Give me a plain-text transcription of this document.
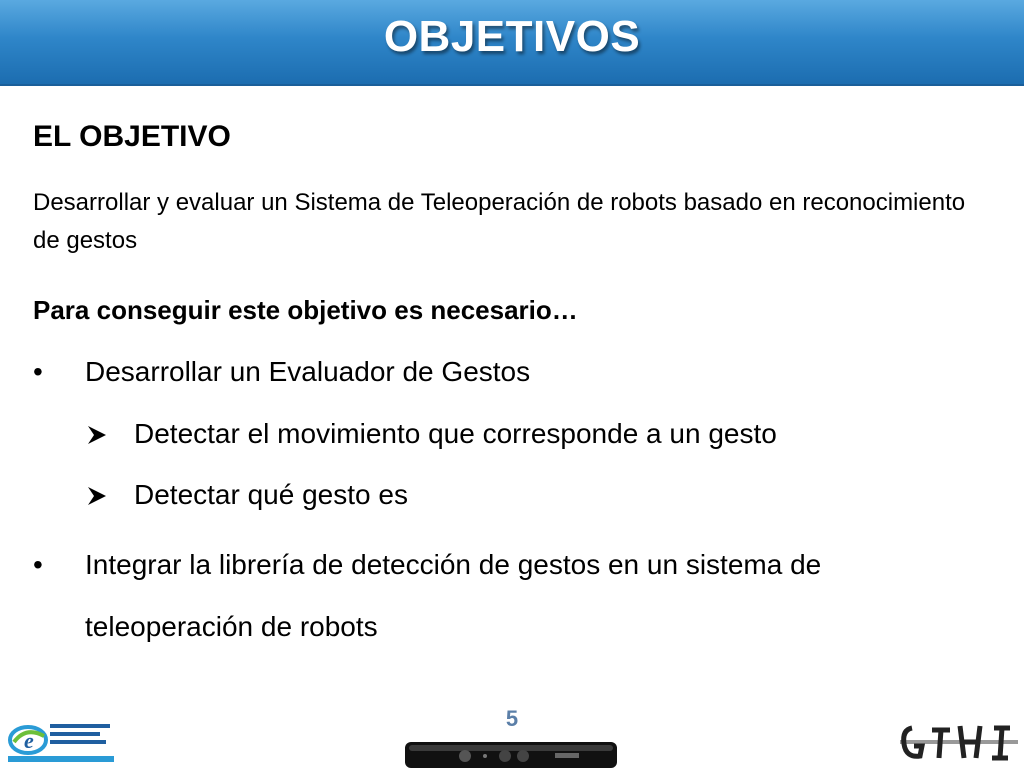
OBJETIVOS
EL OBJETIVO
Desarrollar y evaluar un Sistema de Teleoperación de robots basado en reconocimiento de gestos
Para conseguir este objetivo es necesario…
• Desarrollar un Evaluador de Gestos
Detectar el movimiento que corresponde a un gesto
Detectar qué gesto es
• Integrar la librería de detección de gestos en un sistema de
teleoperación de robots
5
e
